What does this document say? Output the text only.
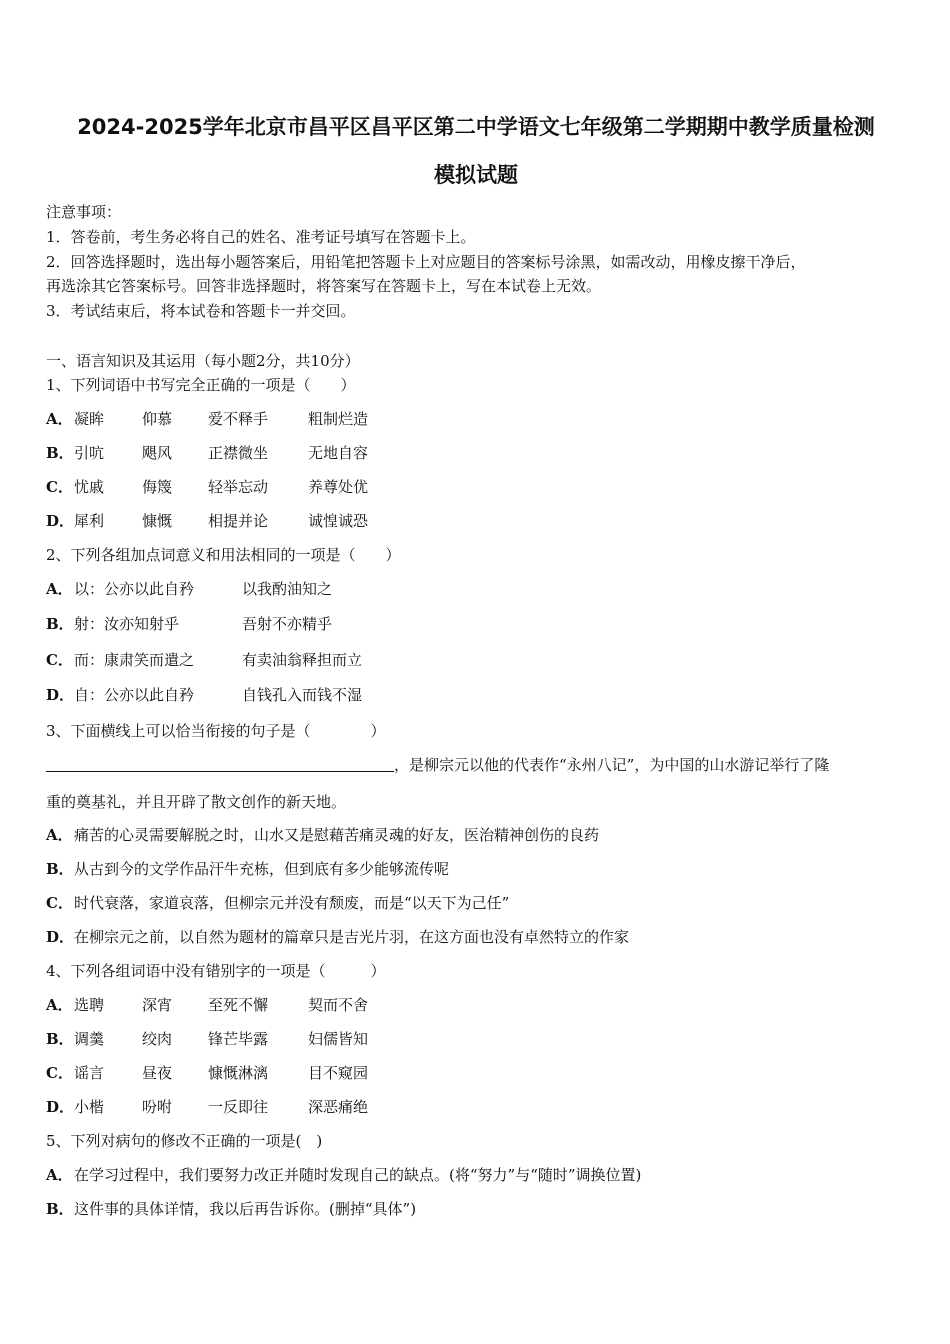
2024-2025学年北京市昌平区昌平区第二中学语文七年级第二学期期中教学质量检测
模拟试题
注意事项：
1．答卷前，考生务必将自己的姓名、准考证号填写在答题卡上。
2．回答选择题时，选出每小题答案后，用铅笔把答题卡上对应题目的答案标号涂黑，如需改动，用橡皮擦干净后，
再选涂其它答案标号。回答非选择题时，将答案写在答题卡上，写在本试卷上无效。
3．考试结束后，将本试卷和答题卡一并交回。
一、语言知识及其运用（每小题2分，共10分）
1、下列词语中书写完全正确的一项是（　　）
A． 凝眸	仰慕 爱不释手	粗制烂造
B． 引吭	飓风 正襟微坐	无地自容
C． 忧戚	侮篾 轻举忘动	养尊处优
D． 犀利	慷慨 相提并论	诚惶诚恐
2、下列各组加点词意义和用法相同的一项是（　　）
A． 以：公亦以此自矜	以我酌油知之
B． 射：汝亦知射乎	吾射不亦精乎
C． 而：康肃笑而遣之	有卖油翁释担而立
D． 自：公亦以此自矜	自钱孔入而钱不湿
3、下面横线上可以恰当衔接的句子是（　　　　）
，是柳宗元以他的代表作“永州八记”，为中国的山水游记举行了隆
重的奠基礼，并且开辟了散文创作的新天地。
A． 痛苦的心灵需要解脱之时，山水又是慰藉苦痛灵魂的好友，医治精神创伤的良药
B． 从古到今的文学作品汗牛充栋，但到底有多少能够流传呢
C． 时代衰落，家道哀落，但柳宗元并没有颓废，而是“以天下为己任”
D． 在柳宗元之前，以自然为题材的篇章只是吉光片羽，在这方面也没有卓然特立的作家
4、下列各组词语中没有错别字的一项是（　　　）
A． 选聘	深宵 至死不懈	契而不舍
B． 调羹	绞肉 锋芒毕露	妇儒皆知
C． 谣言	昼夜 慷慨淋漓	目不窥园
D． 小楷	吩咐 一反即往	深恶痛绝
5、下列对病句的修改不正确的一项是(　)
A． 在学习过程中，我们要努力改正并随时发现自己的缺点。(将“努力”与“随时”调换位置)
B． 这件事的具体详情，我以后再告诉你。(删掉“具体”)
